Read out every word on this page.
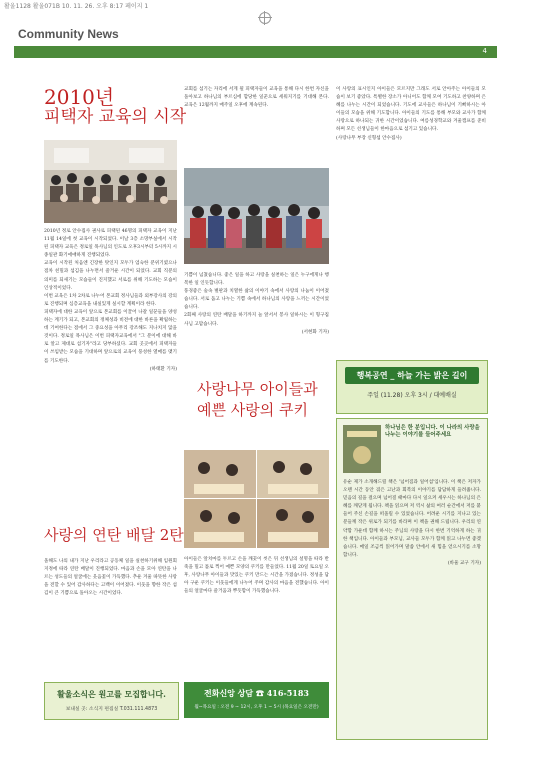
활울1128 활울071B 10. 11. 26. 오후 8:17 페이지 1
Community News
4
2010년
피택자 교육의 시작

2010년 정로 안수집사 권사로 피택된 46명의 피택자 교육이 지난 11월 14일에 첫 교육이 시작되었다. 이날 3층 소망부실에서 시작된 피택자 교육은 정로일 목사님의 인도로 오후3시부터 5시까지 시종일관 화기애애하게 진행되었다.

교육이 시작된 처음엔 긴장한 탓인지 모두가 엄숙한 분위기였으나 점차 친밀과 섬김을 나누면서 즐거운 시간이 되었다. 교회 직분의 의미를 되새기는 모습들이 진지했고 서로를 위해 기도하는 모습이 인상적이었다.

이번 교육은 1차 2차로 나누어 본교회 정사님들과 외부강사의 강의로 진행되며 심층교육을 내실있게 실시할 계획이라 한다.

피택자에 대한 교육이 앞으로 본교회를 이끌어 나갈 일꾼들을 양성하는 계기가 되고, 본교회의 정체성과 비전에 대한 바른을 확립하는데 기여한다는 점에서 그 중요성을 아무리 강조해도 지나치지 않을 것이다. 정로일 목사님은 이번 피택자교육에서 "그 분이에 대해 바로 알고 제대로 섬기자"라고 당부하셨다. 교회 곳곳에서 피택자들이 쓰임받는 모습을 기대하며 앞으로의 교육이 풍성한 열매를 맺기를 기도한다.

(하태환 기자)

교회를 섬기는 자리에 서게 될 피택자들이 교육을 통해 다시 한번 자신을 돌아보고 하나님의 부르심에 합당한 일꾼으로 세워지기를 기대해 본다. 교육은 12월까지 매주일 오후에 계속된다.

기쁨이 넘쳤습니다. 좋은 일을 하고 사랑을 실천하는 일은 누구에게나 행복한 일 인듯합니다.

풍경좋은 숲속 벌판과 치열한 삶의 이야기 속에서 사랑의 나눔이 이어졌습니다. 서로 돕고 나누는 기쁨 속에서 하나님의 사랑을 느끼는 시간이었습니다.

2회째 사랑의 연탄 배달을 하기까지 늘 앞서서 봉사 일하시는 이 형구집사님 고맙습니다.

(서현화 기자)

사랑의 연탄 배달 2탄
올해도 나의 내가 지난 우리라고 공동체 일을 실천하기위해 임원회 지정에 따라 연탄 배달이 진행되었다. 마음과 손을 모아 연탄을 나르는 성도들의 얼굴에는 웃음꽃이 가득했다. 추운 겨울 따뜻한 사랑을 전할 수 있어 감사하다는 고백이 이어졌다. 이웃을 향한 작은 섬김이 큰 기쁨으로 돌아오는 시간이었다.
사랑나무 아이들과
예쁜 사랑의 쿠키
아이들은 앞치마를 두르고 손을 깨끗이 씻은 뒤 선생님의 설명을 따라 반죽을 밀고 틀로 찍어 예쁜 모양의 쿠키를 만들었다. 11월 20일 토요일 오후, 사랑나무 아이들과 맛있는 쿠키 만드는 시간을 가졌습니다. 정성을 담아 구운 쿠키는 이웃들에게 나누어 주며 감사의 마음을 전했습니다. 아이들의 얼굴마다 즐거움과 뿌듯함이 가득했습니다.

이 사랑의 표시인지 아이들은 모르지만 그래도 서로 안아주는 아이들의 모습이 보기 좋았다. 특별한 장소가 아니어도 함께 모여 기도하고 찬양하며 은혜를 나누는 시간이 되었습니다. 기도에 교사들은 하나님이 기뻐하시는 아이들의 모습을 위해 기도합니다. 아이들의 기도를 통해 부모와 교사가 함께 사랑으로 하나되는 귀한 시간이었습니다. 여름성경학교와 겨울캠프를 준비하며 모든 선생님들이 한마음으로 섬기고 있습니다.

(사랑나무 부장 신형섭 안수집사)

행복공연 _ 하늘 가는 밝은 길이
주일 (11.28) 오후 3시 / 대예배실
하나님은 한 분입니다. 이 나라의 사랑을 나누는 이야기를 들어주세요

유순 제가 소개해드릴 책은 '넘어짐과 일어섬'입니다. 이 책은 저자가 오랜 시간 동안 겪은 고난과 회복의 이야기를 담담하게 들려줍니다. 믿음의 길을 걸으며 넘어질 때마다 다시 일으켜 세우시는 하나님의 은혜를 깨닫게 됩니다. 책을 읽으며 저 역시 삶의 여러 순간에서 저를 붙들어 주신 손길을 떠올릴 수 있었습니다. 어려운 시기를 지나고 있는 분들께 작은 위로가 되기를 바라며 이 책을 권해 드립니다. 우리의 연약함 가운데 함께 하시는 주님의 사랑을 다시 한번 기억하게 하는 귀한 책입니다. 아이들과 부모님, 교사들 모두가 함께 읽고 나누면 좋겠습니다. 매일 조금씩 읽어가며 말씀 안에서 새 힘을 얻으시기를 소망합니다.

(바울 교구 기자)

활울소식은 원고를 모집합니다.
보내실 곳: 소식지 편집실 T.031.111.4873
전화신앙 상담 ☎ 416-5183
월~목요일 : 오전 9 ~ 12시, 오후 1 ~ 5시 (목요일은 오전만)
